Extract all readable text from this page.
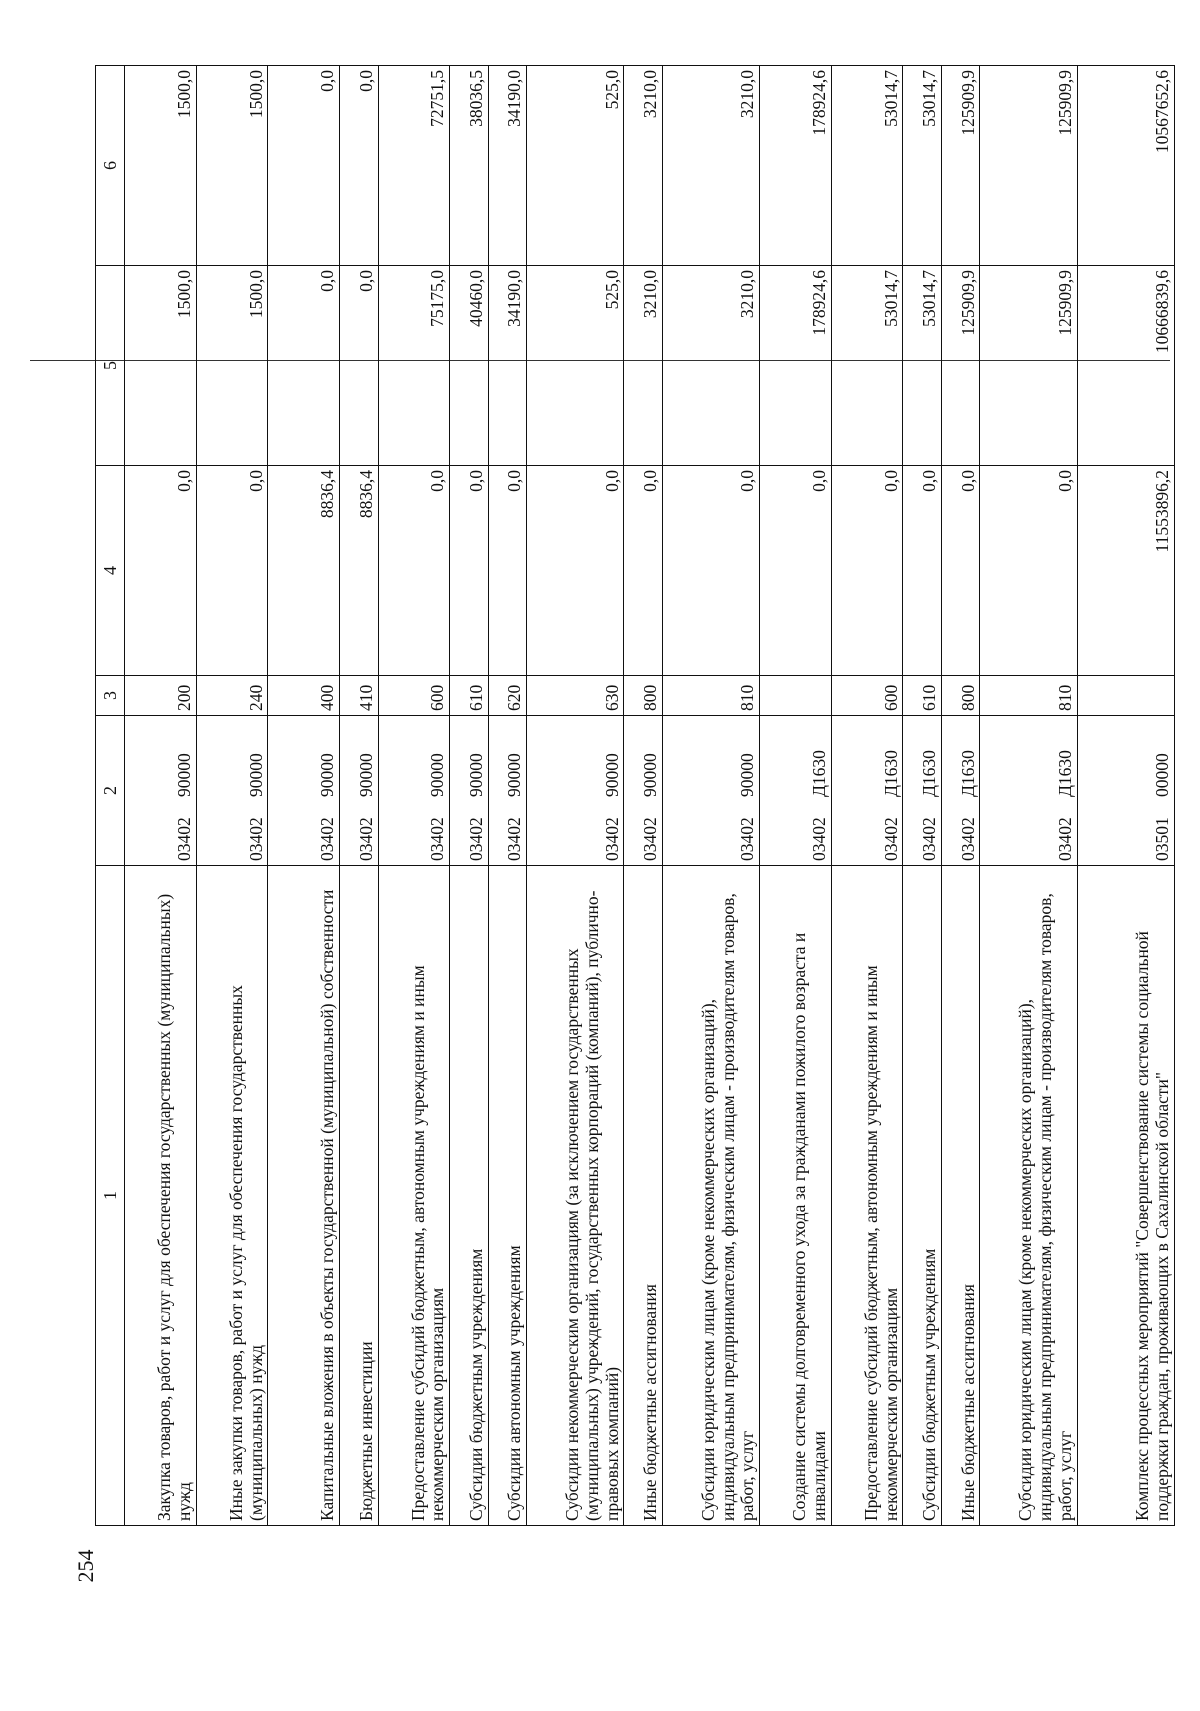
254
1	2	3	4	5	6
Закупка товаров, работ и услуг для обеспечения государственных (муниципальных) нужд	0340290000	200	0,0	1500,0	1500,0
Иные закупки товаров, работ и услуг для обеспечения государственных (муниципальных) нужд	0340290000	240	0,0	1500,0	1500,0
Капитальные вложения в объекты государственной (муниципальной) собственности	0340290000	400	8836,4	0,0	0,0
Бюджетные инвестиции	0340290000	410	8836,4	0,0	0,0
Предоставление субсидий бюджетным, автономным учреждениям и иным некоммерческим организациям	0340290000	600	0,0	75175,0	72751,5
Субсидии бюджетным учреждениям	0340290000	610	0,0	40460,0	38036,5
Субсидии автономным учреждениям	0340290000	620	0,0	34190,0	34190,0
Субсидии некоммерческим организациям (за исключением государственных (муниципальных) учреждений, государственных корпораций (компаний), публично-правовых компаний)	0340290000	630	0,0	525,0	525,0
Иные бюджетные ассигнования	0340290000	800	0,0	3210,0	3210,0
Субсидии юридическим лицам (кроме некоммерческих организаций), индивидуальным предпринимателям, физическим лицам - производителям товаров, работ, услуг	0340290000	810	0,0	3210,0	3210,0
Создание системы долговременного ухода за гражданами пожилого возраста и инвалидами	03402Д1630		0,0	178924,6	178924,6
Предоставление субсидий бюджетным, автономным учреждениям и иным некоммерческим организациям	03402Д1630	600	0,0	53014,7	53014,7
Субсидии бюджетным учреждениям	03402Д1630	610	0,0	53014,7	53014,7
Иные бюджетные ассигнования	03402Д1630	800	0,0	125909,9	125909,9
Субсидии юридическим лицам (кроме некоммерческих организаций), индивидуальным предпринимателям, физическим лицам - производителям товаров, работ, услуг	03402Д1630	810	0,0	125909,9	125909,9
Комплекс процессных мероприятий "Совершенствование системы социальной поддержки граждан, проживающих в Сахалинской области"	0350100000		11553896,2	10666839,6	10567652,6
